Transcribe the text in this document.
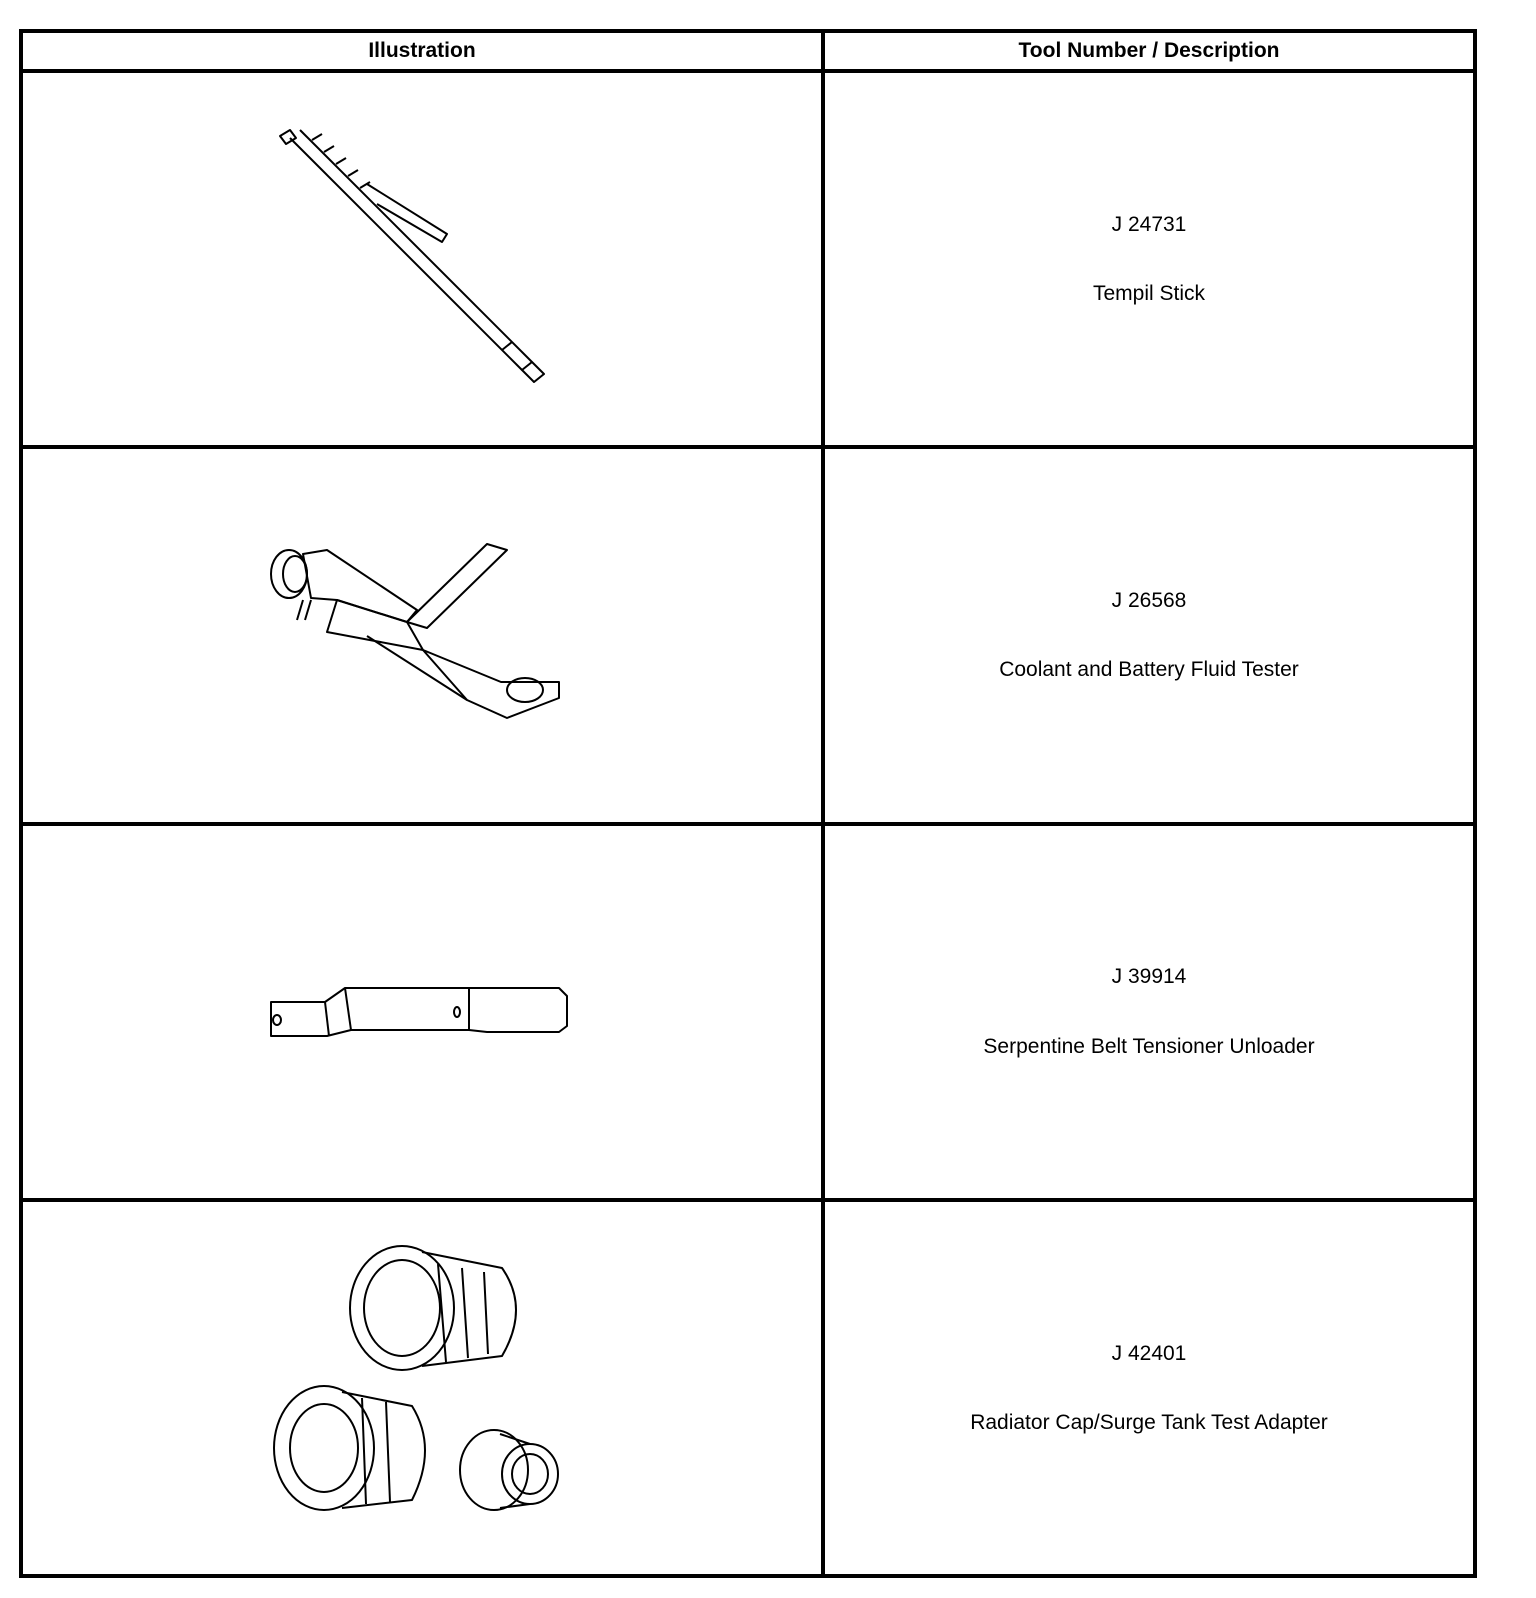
Illustration	Tool Number / Description

J 24731
Tempil Stick

J 26568
Coolant and Battery Fluid Tester

J 39914
Serpentine Belt Tensioner Unloader

J 42401
Radiator Cap/Surge Tank Test Adapter
